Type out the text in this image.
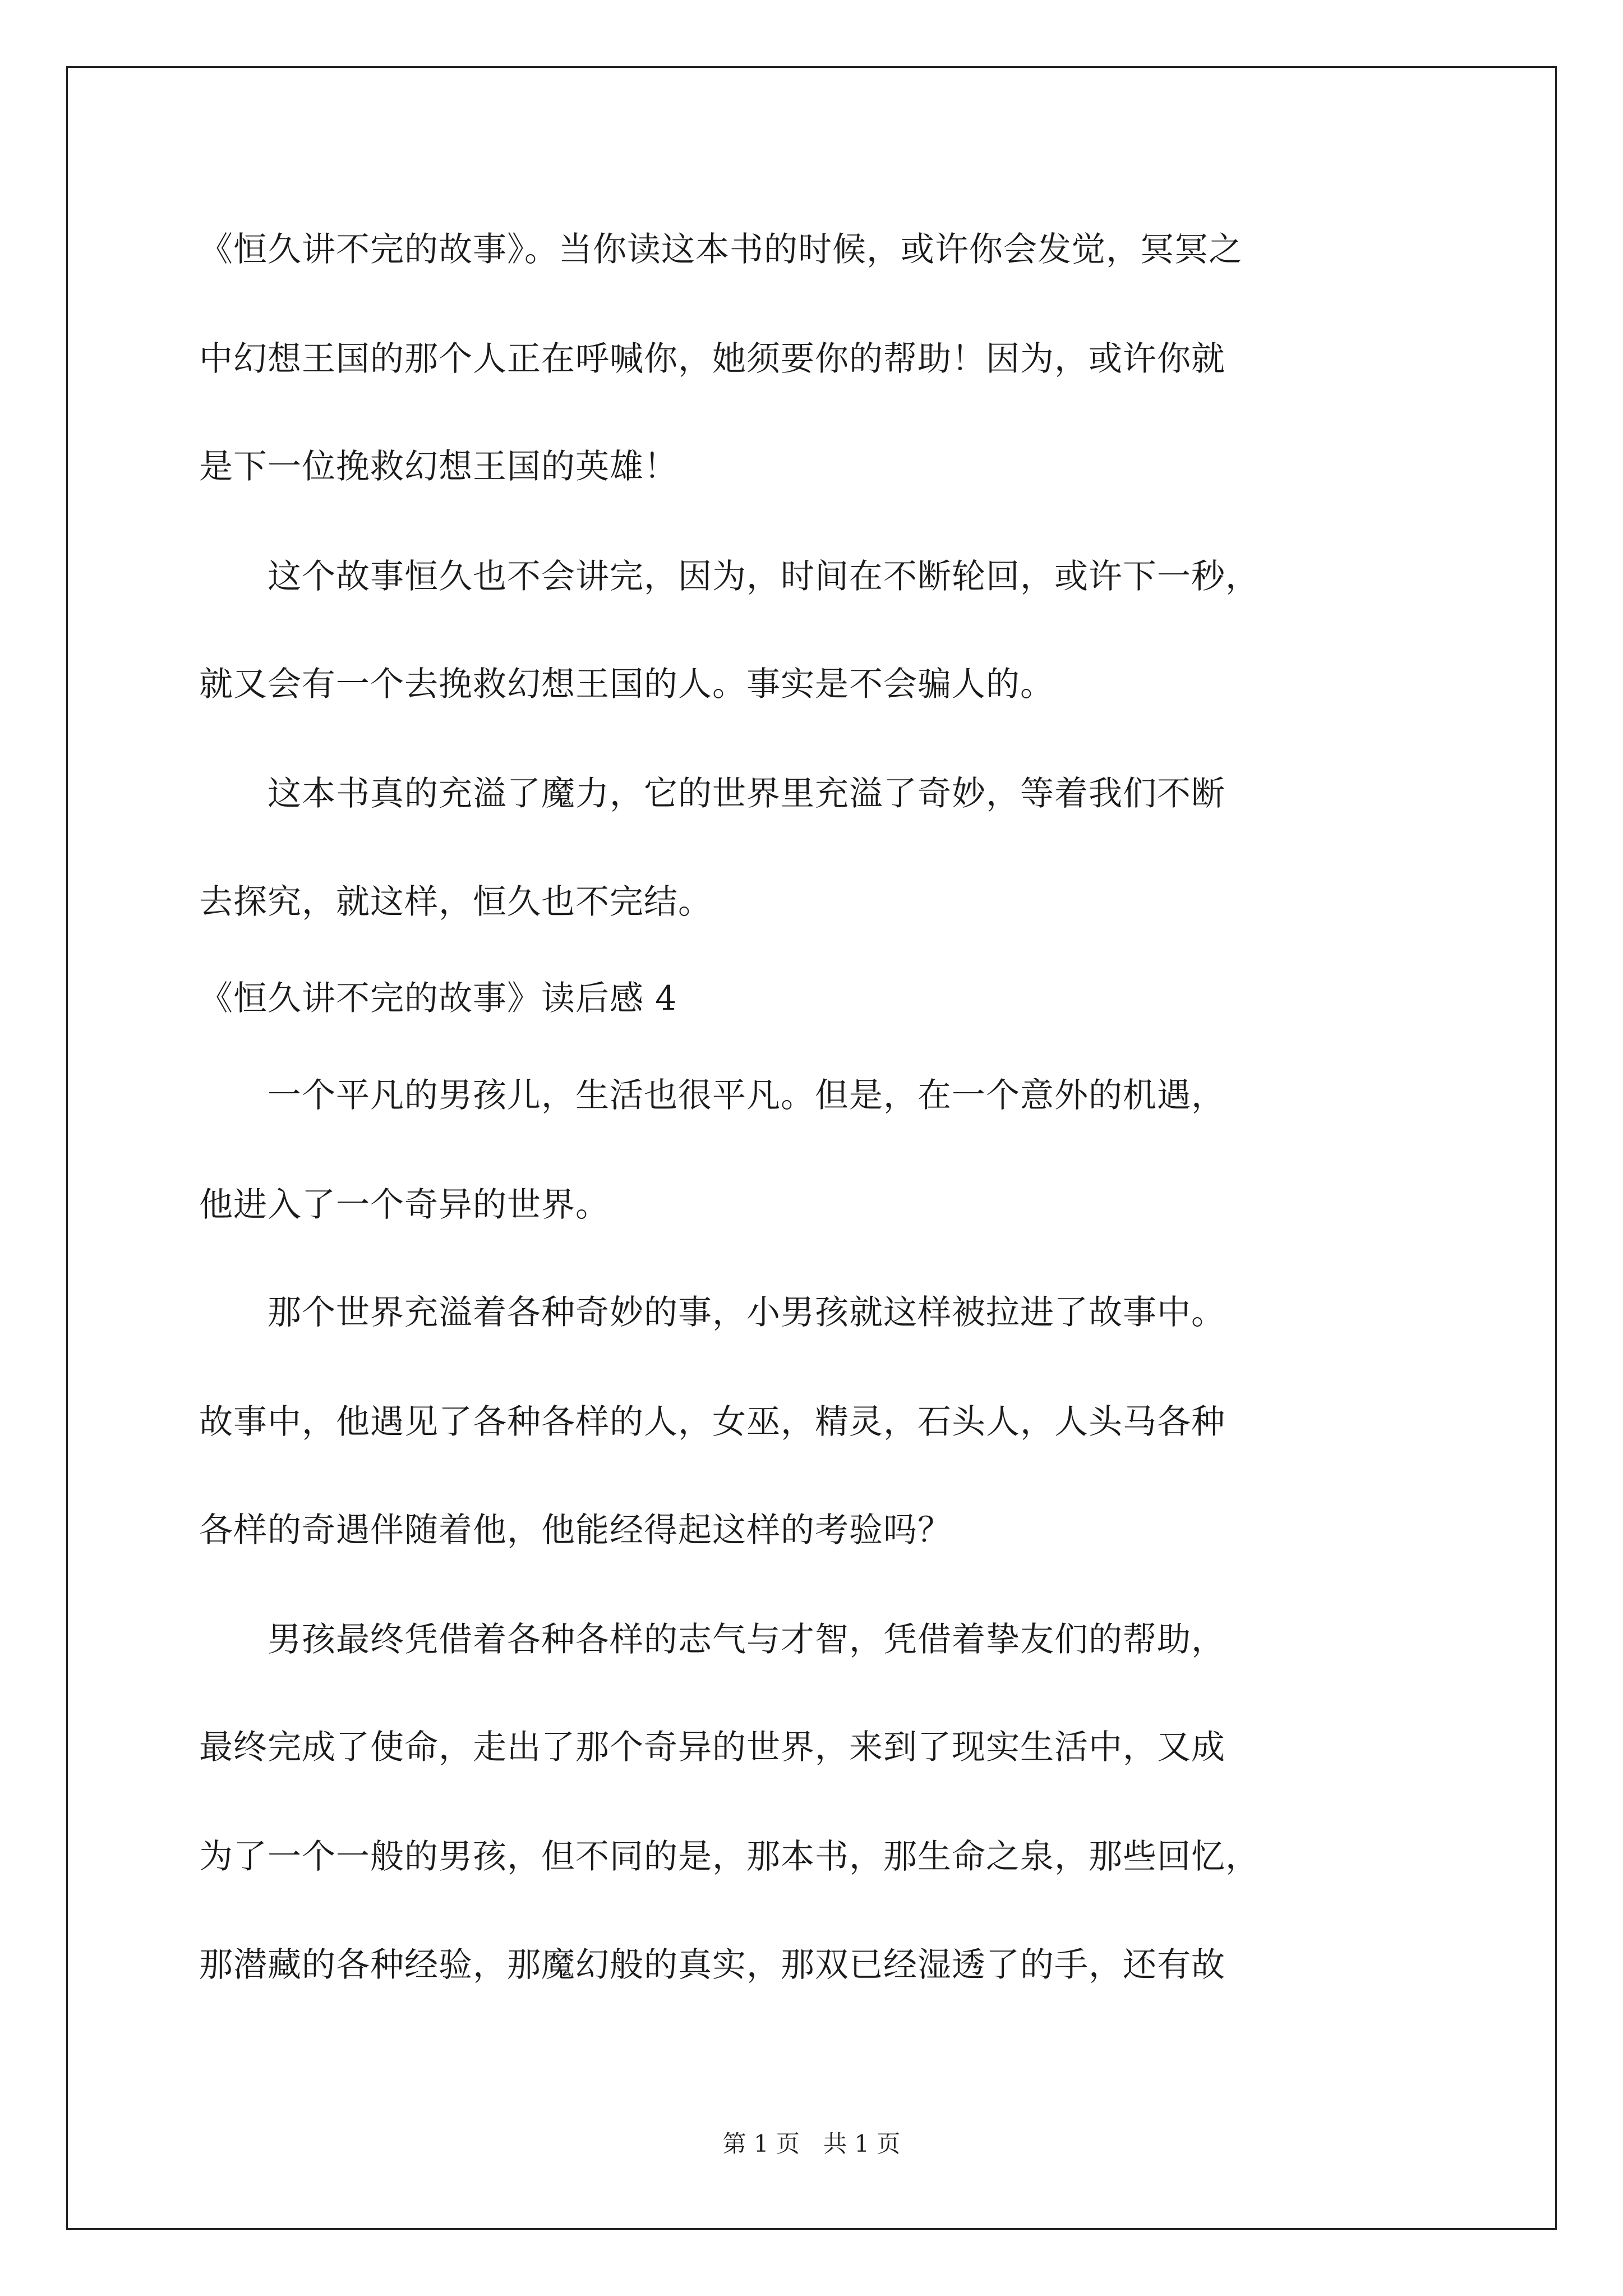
《恒久讲不完的故事》。当你读这本书的时候，或许你会发觉，冥冥之
中幻想王国的那个人正在呼喊你，她须要你的帮助！因为，或许你就
是下一位挽救幻想王国的英雄！
　　这个故事恒久也不会讲完，因为，时间在不断轮回，或许下一秒，
就又会有一个去挽救幻想王国的人。事实是不会骗人的。
　　这本书真的充溢了魔力，它的世界里充溢了奇妙，等着我们不断
去探究，就这样，恒久也不完结。
《恒久讲不完的故事》读后感 4
　　一个平凡的男孩儿，生活也很平凡。但是，在一个意外的机遇，
他进入了一个奇异的世界。
　　那个世界充溢着各种奇妙的事，小男孩就这样被拉进了故事中。
故事中，他遇见了各种各样的人，女巫，精灵，石头人，人头马各种
各样的奇遇伴随着他，他能经得起这样的考验吗？
　　男孩最终凭借着各种各样的志气与才智，凭借着挚友们的帮助，
最终完成了使命，走出了那个奇异的世界，来到了现实生活中，又成
为了一个一般的男孩，但不同的是，那本书，那生命之泉，那些回忆，
那潜藏的各种经验，那魔幻般的真实，那双已经湿透了的手，还有故
第 1 页　共 1 页
